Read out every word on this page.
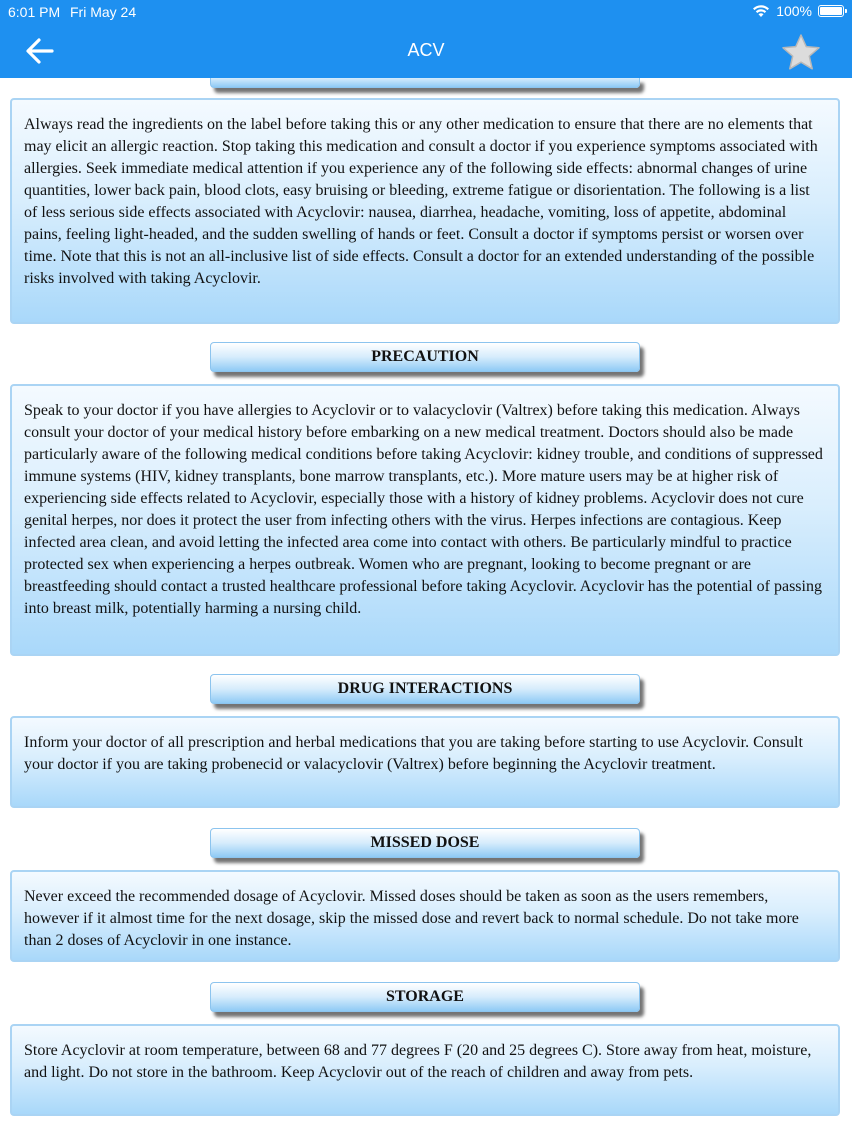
6:01 PM Fri May 24	100%
ACV
Always read the ingredients on the label before taking this or any other medication to ensure that there are no elements that may elicit an allergic reaction. Stop taking this medication and consult a doctor if you experience symptoms associated with allergies. Seek immediate medical attention if you experience any of the following side effects: abnormal changes of urine quantities, lower back pain, blood clots, easy bruising or bleeding, extreme fatigue or disorientation. The following is a list of less serious side effects associated with Acyclovir: nausea, diarrhea, headache, vomiting, loss of appetite, abdominal pains, feeling light-headed, and the sudden swelling of hands or feet. Consult a doctor if symptoms persist or worsen over time. Note that this is not an all-inclusive list of side effects. Consult a doctor for an extended understanding of the possible risks involved with taking Acyclovir.
PRECAUTION
Speak to your doctor if you have allergies to Acyclovir or to valacyclovir (Valtrex) before taking this medication. Always consult your doctor of your medical history before embarking on a new medical treatment. Doctors should also be made particularly aware of the following medical conditions before taking Acyclovir: kidney trouble, and conditions of suppressed immune systems (HIV, kidney transplants, bone marrow transplants, etc.). More mature users may be at higher risk of experiencing side effects related to Acyclovir, especially those with a history of kidney problems. Acyclovir does not cure genital herpes, nor does it protect the user from infecting others with the virus. Herpes infections are contagious. Keep infected area clean, and avoid letting the infected area come into contact with others. Be particularly mindful to practice protected sex when experiencing a herpes outbreak. Women who are pregnant, looking to become pregnant or are breastfeeding should contact a trusted healthcare professional before taking Acyclovir. Acyclovir has the potential of passing into breast milk, potentially harming a nursing child.
DRUG INTERACTIONS
Inform your doctor of all prescription and herbal medications that you are taking before starting to use Acyclovir. Consult your doctor if you are taking probenecid or valacyclovir (Valtrex) before beginning the Acyclovir treatment.
MISSED DOSE
Never exceed the recommended dosage of Acyclovir. Missed doses should be taken as soon as the users remembers, however if it almost time for the next dosage, skip the missed dose and revert back to normal schedule. Do not take more than 2 doses of Acyclovir in one instance.
STORAGE
Store Acyclovir at room temperature, between 68 and 77 degrees F (20 and 25 degrees C). Store away from heat, moisture, and light. Do not store in the bathroom. Keep Acyclovir out of the reach of children and away from pets.
